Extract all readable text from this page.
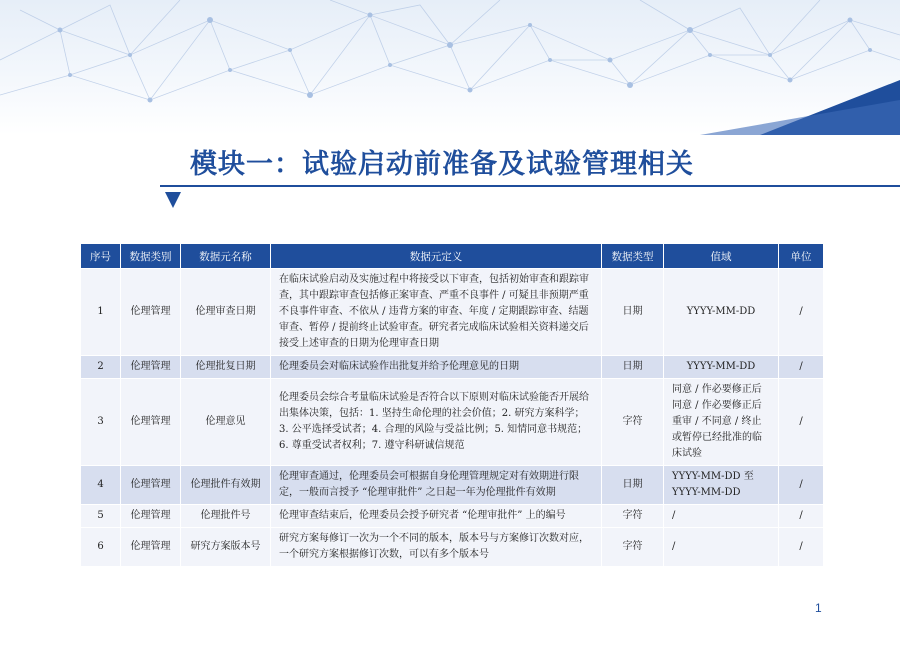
模块一：试验启动前准备及试验管理相关
序号	数据类别	数据元名称	数据元定义	数据类型	值域	单位
1	伦理管理	伦理审查日期	在临床试验启动及实施过程中将接受以下审查，包括初始审查和跟踪审查，其中跟踪审查包括修正案审查、严重不良事件 / 可疑且非预期严重不良事件审查、不依从 / 违背方案的审查、年度 / 定期跟踪审查、结题审查、暂停 / 提前终止试验审查。研究者完成临床试验相关资料递交后接受上述审查的日期为伦理审查日期	日期	YYYY-MM-DD	/
2	伦理管理	伦理批复日期	伦理委员会对临床试验作出批复并给予伦理意见的日期	日期	YYYY-MM-DD	/
3	伦理管理	伦理意见	伦理委员会综合考量临床试验是否符合以下原则对临床试验能否开展给出集体决策，包括：1. 坚持生命伦理的社会价值；2. 研究方案科学；3. 公平选择受试者；4. 合理的风险与受益比例；5. 知情同意书规范；6. 尊重受试者权利；7. 遵守科研诚信规范	字符	同意 / 作必要修正后同意 / 作必要修正后重审 / 不同意 / 终止或暂停已经批准的临床试验	/
4	伦理管理	伦理批件有效期	伦理审查通过，伦理委员会可根据自身伦理管理规定对有效期进行限定，一般而言授予 “伦理审批件” 之日起一年为伦理批件有效期	日期	YYYY-MM-DD 至 YYYY-MM-DD	/
5	伦理管理	伦理批件号	伦理审查结束后，伦理委员会授予研究者 “伦理审批件” 上的编号	字符	/	/
6	伦理管理	研究方案版本号	研究方案每修订一次为一个不同的版本，版本号与方案修订次数对应，一个研究方案根据修订次数，可以有多个版本号	字符	/	/
1
